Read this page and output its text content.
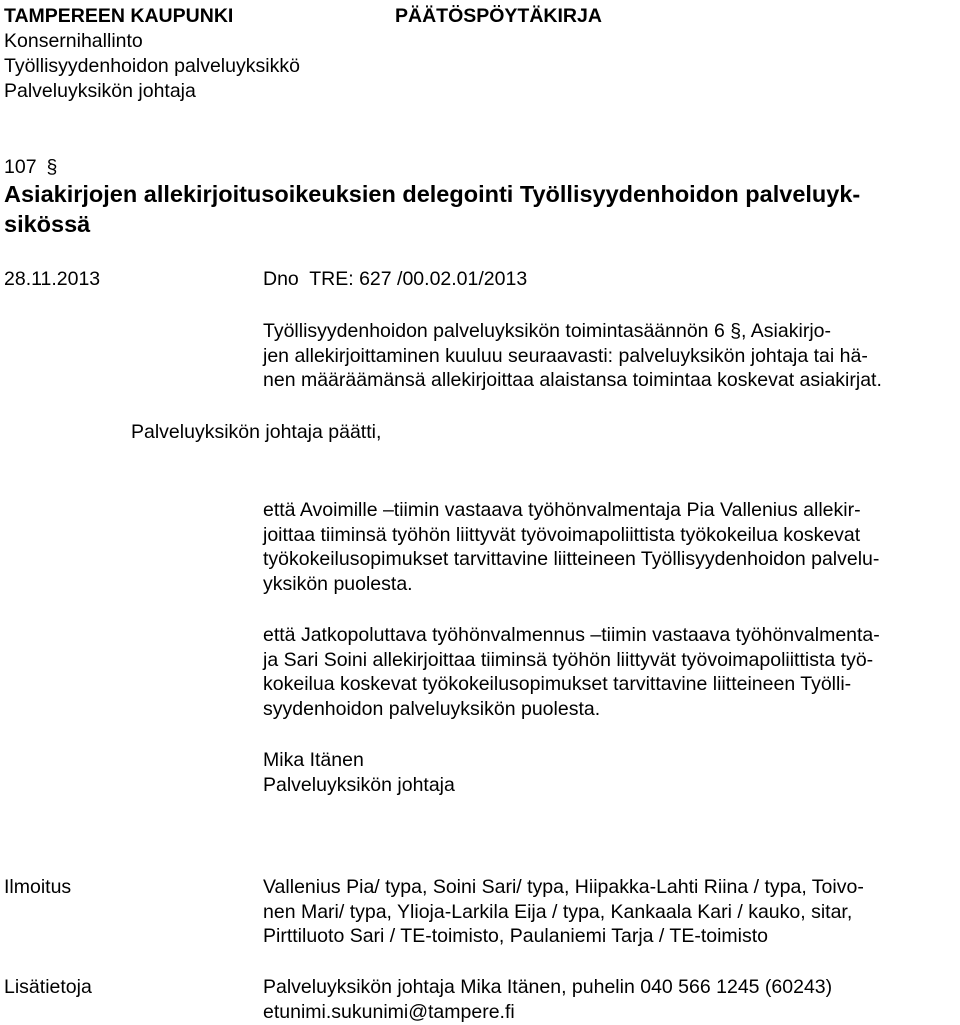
TAMPEREEN KAUPUNKI	PÄÄTÖSPÖYTÄKIRJA
Konsernihallinto
Työllisyydenhoidon palveluyksikkö
Palveluyksikön johtaja
107 §
Asiakirjojen allekirjoitusoikeuksien delegointi Työllisyydenhoidon palveluyk-
sikössä
28.11.2013	Dno  TRE: 627 /00.02.01/2013
Työllisyydenhoidon palveluyksikön toimintasäännön 6 §, Asiakirjo-
jen allekirjoittaminen kuuluu seuraavasti: palveluyksikön johtaja tai hä-
nen määräämänsä allekirjoittaa alaistansa toimintaa koskevat asiakirjat.
Palveluyksikön johtaja päätti,
että Avoimille –tiimin vastaava työhönvalmentaja Pia Vallenius allekir-
joittaa tiiminsä työhön liittyvät työvoimapoliittista työkokeilua koskevat
työkokeilusopimukset tarvittavine liitteineen Työllisyydenhoidon palvelu-
yksikön puolesta.
että Jatkopoluttava työhönvalmennus –tiimin vastaava työhönvalmenta-
ja Sari Soini allekirjoittaa tiiminsä työhön liittyvät työvoimapoliittista työ-
kokeilua koskevat työkokeilusopimukset tarvittavine liitteineen Työlli-
syydenhoidon palveluyksikön puolesta.
Mika Itänen
Palveluyksikön johtaja
Ilmoitus	Vallenius Pia/ typa, Soini Sari/ typa, Hiipakka-Lahti Riina / typa, Toivo-
nen Mari/ typa, Ylioja-Larkila Eija / typa, Kankaala Kari / kauko, sitar,
Pirttiluoto Sari / TE-toimisto, Paulaniemi Tarja / TE-toimisto
Lisätietoja	Palveluyksikön johtaja Mika Itänen, puhelin 040 566 1245 (60243)
etunimi.sukunimi@tampere.fi
